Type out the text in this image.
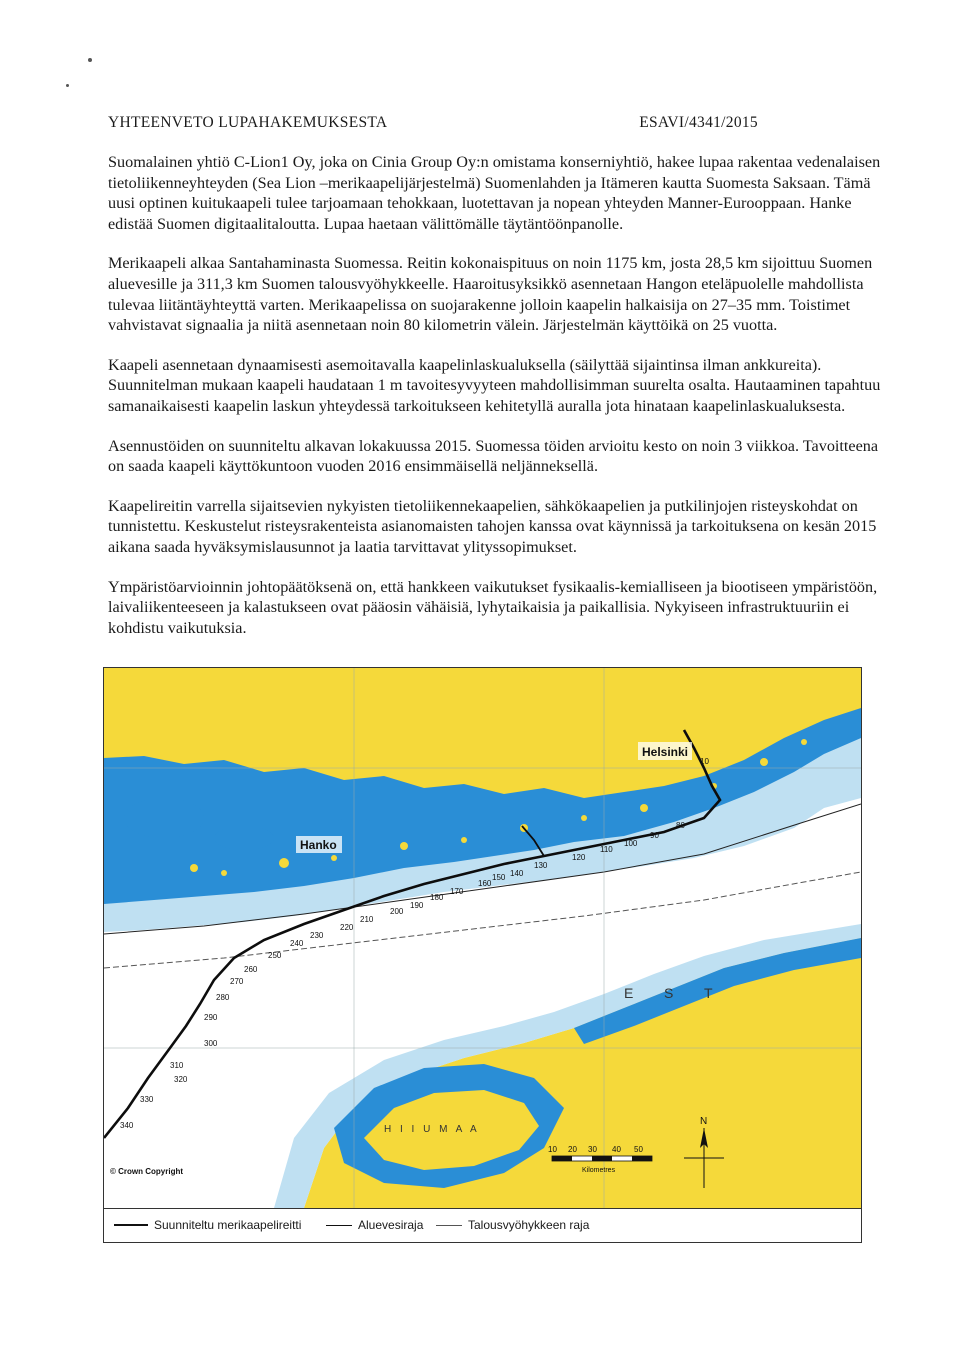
YHTEENVETO LUPAHAKEMUKSESTA	ESAVI/4341/2015

Suomalainen yhtiö C-Lion1 Oy, joka on Cinia Group Oy:n omistama konserniyhtiö, hakee lupaa rakentaa vedenalaisen tietoliikenneyhteyden (Sea Lion –merikaapelijärjestelmä) Suomenlahden ja Itämeren kautta Suomesta Saksaan. Tämä uusi optinen kuitukaapeli tulee tarjoamaan tehokkaan, luotettavan ja nopean yhteyden Manner-Eurooppaan. Hanke edistää Suomen digitaalitaloutta. Lupaa haetaan välittömälle täytäntöönpanolle.

Merikaapeli alkaa Santahaminasta Suomessa. Reitin kokonaispituus on noin 1175 km, josta 28,5 km sijoittuu Suomen aluevesille ja 311,3 km Suomen talousvyöhykkeelle. Haaroitusyksikkö asennetaan Hangon eteläpuolelle mahdollista tulevaa liitäntäyhteyttä varten. Merikaapelissa on suojarakenne jolloin kaapelin halkaisija on 27–35 mm. Toistimet vahvistavat signaalia ja niitä asennetaan noin 80 kilometrin välein. Järjestelmän käyttöikä on 25 vuotta.

Kaapeli asennetaan dynaamisesti asemoitavalla kaapelinlaskualuksella (säilyttää sijaintinsa ilman ankkureita). Suunnitelman mukaan kaapeli haudataan 1 m tavoitesyvyyteen mahdollisimman suurelta osalta. Hautaaminen tapahtuu samanaikaisesti kaapelin laskun yhteydessä tarkoitukseen kehitetyllä auralla jota hinataan kaapelinlaskualuksesta.

Asennustöiden on suunniteltu alkavan lokakuussa 2015. Suomessa töiden arvioitu kesto on noin 3 viikkoa. Tavoitteena on saada kaapeli käyttökuntoon vuoden 2016 ensimmäisellä neljänneksellä.

Kaapelireitin varrella sijaitsevien nykyisten tietoliikennekaapelien, sähkökaapelien ja putkilinjojen risteyskohdat on tunnistettu. Keskustelut risteysrakenteista asianomaisten tahojen kanssa ovat käynnissä ja tarkoituksena on kesän 2015 aikana saada hyväksymislausunnot ja laatia tarvittavat ylityssopimukset.

Ympäristöarvioinnin johtopäätöksenä on, että hankkeen vaikutukset fysikaalis-kemialliseen ja biootiseen ympäristöön, laivaliikenteeseen ja kalastukseen ovat pääosin vähäisiä, lyhytaikaisia ja paikallisia. Nykyiseen infrastruktuuriin ei kohdistu vaikutuksia.

10
80
90
100
110
120
130
140
150
160
170
180
190
200
210
220
230
240
250
260
270
280
290
300
310
320
330
340
Helsinki
Hanko
E S T
H I I U M A A
10 20 30 40 50
Kilometres
N
© Crown Copyright
Suunniteltu merikaapelireitti	Aluevesiraja	Talousvyöhykkeen raja
